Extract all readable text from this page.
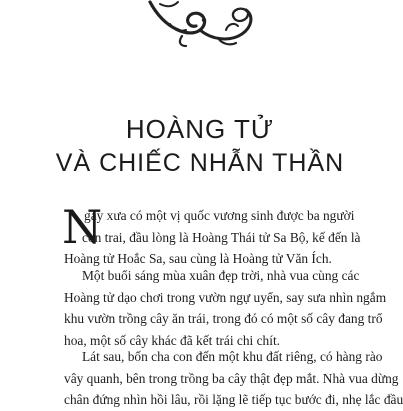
HOÀNG TỬ
VÀ CHIẾC NHẪN THẦN
N
gày xưa có một vị quốc vương sinh được ba người
con trai, đầu lòng là Hoàng Thái tử Sa Bộ, kế đến là
Hoàng tử Hoắc Sa, sau cùng là Hoàng tử Văn Ích.
Một buổi sáng mùa xuân đẹp trời, nhà vua cùng các
Hoàng tử dạo chơi trong vườn ngự uyển, say sưa nhìn ngắm
khu vườn trồng cây ăn trái, trong đó có một số cây đang trổ
hoa, một số cây khác đã kết trái chi chít.
Lát sau, bốn cha con đến một khu đất riêng, có hàng rào
vây quanh, bên trong trồng ba cây thật đẹp mắt. Nhà vua dừng
chân đứng nhìn hồi lâu, rồi lặng lẽ tiếp tục bước đi, nhẹ lắc đầu
